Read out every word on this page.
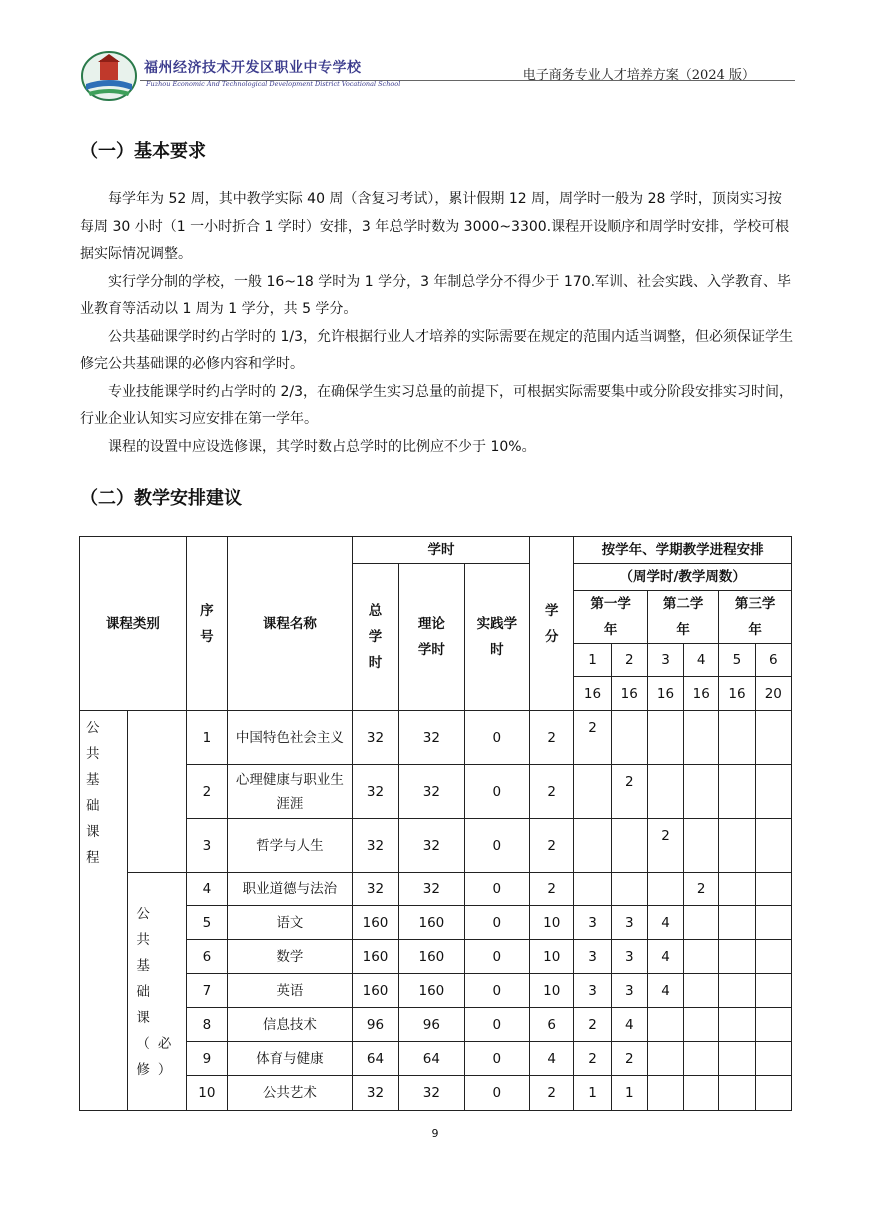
福州经济技术开发区职业中专学校
Fuzhou Economic And Technological Development District Vocational School
电子商务专业人才培养方案（2024 版）
（一）基本要求

每学年为 52 周，其中教学实际 40 周（含复习考试），累计假期 12 周，周学时一般为 28 学时，顶岗实习按每周 30 小时（1 一小时折合 1 学时）安排，3 年总学时数为 3000~3300.课程开设顺序和周学时安排，学校可根据实际情况调整。

实行学分制的学校，一般 16~18 学时为 1 学分，3 年制总学分不得少于 170.军训、社会实践、入学教育、毕业教育等活动以 1 周为 1 学分，共 5 学分。

公共基础课学时约占学时的 1/3，允许根据行业人才培养的实际需要在规定的范围内适当调整，但必须保证学生修完公共基础课的必修内容和学时。

专业技能课学时约占学时的 2/3，在确保学生实习总量的前提下，可根据实际需要集中或分阶段安排实习时间，行业企业认知实习应安排在第一学年。

课程的设置中应设选修课，其学时数占总学时的比例应不少于 10%。

（二）教学安排建议
课程类别		序号	课程名称	学时			学分	按学年、学期教学进程安排					

				总学时	理论学时	实践学时		（周学时/教学周数）					

								第一学年		第二学年		第三学年	

								1	2	3	4	5	6
								16	16	16	16	16	20

公共基础课程		1	中国特色社会主义	32	32	0	2	2					
		2	心理健康与职业生涯涯	32	32	0	2		2				
		3	哲学与人生	32	32	0	2			2			

	公共基础课（必修）	4	职业道德与法治	32	32	0	2				2		
		5	语文	160	160	0	10	3	3	4			
		6	数学	160	160	0	10	3	3	4			
		7	英语	160	160	0	10	3	3	4			
		8	信息技术	96	96	0	6	2	4				
		9	体育与健康	64	64	0	4	2	2				
		10	公共艺术	32	32	0	2	1	1				
9
